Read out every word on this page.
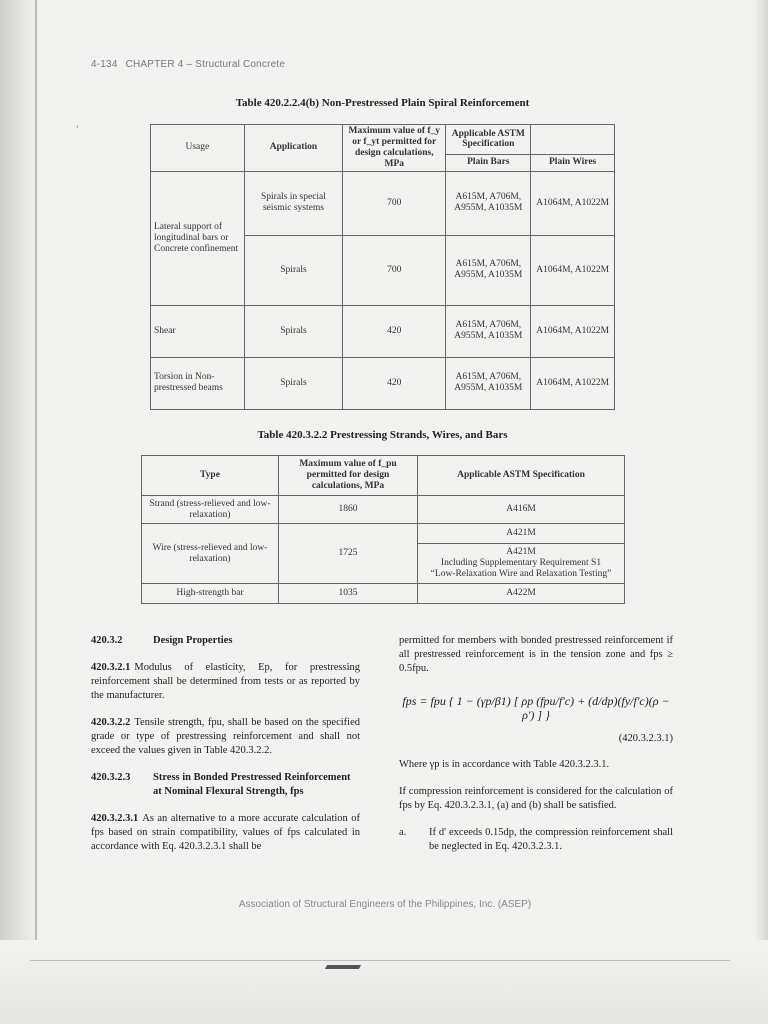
’
4-134 CHAPTER 4 – Structural Concrete
Table 420.2.2.4(b) Non-Prestressed Plain Spiral Reinforcement
Usage	Application	Maximum value of f_y or f_yt permitted for design calculations, MPa	Applicable ASTM Specification	
			Plain Bars	Plain Wires
Lateral support of longitudinal bars or Concrete confinement	Spirals in special seismic systems	700	A615M, A706M, A955M, A1035M	A1064M, A1022M
	Spirals	700	A615M, A706M, A955M, A1035M	A1064M, A1022M
Shear	Spirals	420	A615M, A706M, A955M, A1035M	A1064M, A1022M
Torsion in Non-prestressed beams	Spirals	420	A615M, A706M, A955M, A1035M	A1064M, A1022M
Table 420.3.2.2 Prestressing Strands, Wires, and Bars
Type	Maximum value of f_pu permitted for design calculations, MPa	Applicable ASTM Specification
Strand (stress-relieved and low-relaxation)	1860	A416M
Wire (stress-relieved and low-relaxation)	1725	A421M

		A421M
Including Supplementary Requirement S1
“Low-Relaxation Wire and Relaxation Testing”

High-strength bar	1035	A422M
420.3.2	Design Properties

420.3.2.1 Modulus of elasticity, Ep, for prestressing reinforcement shall be determined from tests or as reported by the manufacturer.

420.3.2.2 Tensile strength, fpu, shall be based on the specified grade or type of prestressing reinforcement and shall not exceed the values given in Table 420.3.2.2.

420.3.2.3	Stress in Bonded Prestressed Reinforcement at Nominal Flexural Strength, fps

420.3.2.3.1 As an alternative to a more accurate calculation of fps based on strain compatibility, values of fps calculated in accordance with Eq. 420.3.2.3.1 shall be

permitted for members with bonded prestressed reinforcement if all prestressed reinforcement is in the tension zone and fps ≥ 0.5fpu.

fps = fpu { 1 − (γp/β1) [ ρp (fpu/f'c) + (d/dp)(fy/f'c)(ρ − ρ') ] }
(420.3.2.3.1)

Where γp is in accordance with Table 420.3.2.3.1.

If compression reinforcement is considered for the calculation of fps by Eq. 420.3.2.3.1, (a) and (b) shall be satisfied.

a.	If d' exceeds 0.15dp, the compression reinforcement shall be neglected in Eq. 420.3.2.3.1.
Association of Structural Engineers of the Philippines, Inc. (ASEP)
